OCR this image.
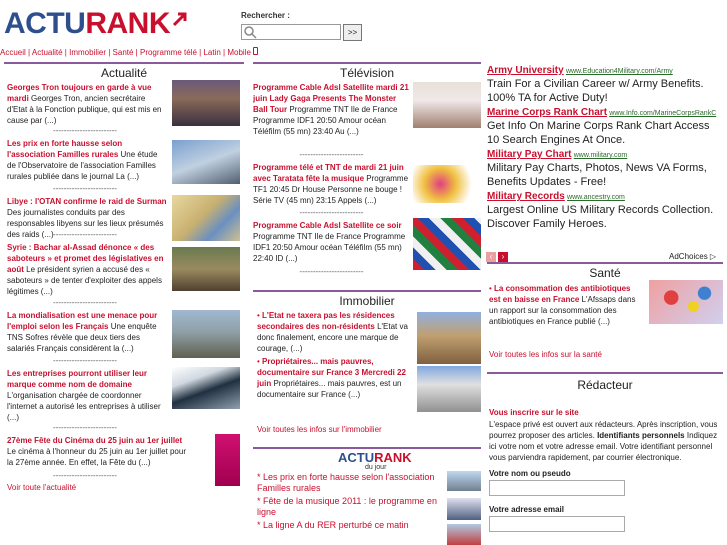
ACTURANK	Rechercher :
>>
Accueil | Actualité | Immobilier | Santé | Programme télé | Latin | Mobile
Actualité
Georges Tron toujours en garde à vue mardi Georges Tron, ancien secrétaire d'Etat à la Fonction publique, qui est mis en cause par (...)
------------------------
Les prix en forte hausse selon l'association Familles rurales Une étude de l'Observatoire de l'association Familles rurales publiée dans le journal La (...)
------------------------
Libye : l'OTAN confirme le raid de Surman Des journalistes conduits par des responsables libyens sur les lieux présumés des raids (...) ------------------------
Syrie : Bachar al-Assad dénonce « des saboteurs » et promet des législatives en août Le président syrien a accusé des « saboteurs » de tenter d'exploiter des appels légitimes (...)
------------------------
La mondialisation est une menace pour l'emploi selon les Français Une enquête TNS Sofres révèle que deux tiers des salariés Français considèrent la (...)
------------------------
Les entreprises pourront utiliser leur marque comme nom de domaine L'organisation chargée de coordonner l'internet a autorisé les entreprises à utiliser (...)
------------------------
27ème Fête du Cinéma du 25 juin au 1er juillet Le cinéma à l'honneur du 25 juin au 1er juillet pour la 27ème année. En effet, la Fête du (...)
------------------------
Voir toute l'actualité
Télévision
Programme Cable Adsl Satellite mardi 21 juin Lady Gaga Presents The Monster Ball Tour Programme TNT Ile de France Programme IDF1 20:50 Amour océan Téléfilm (55 mn) 23:40 Au (...)
------------------------
Programme télé et TNT de mardi 21 juin avec Taratata fête la musique Programme TF1 20:45 Dr House Personne ne bouge ! Série TV (45 mn) 23:15 Appels (...)
------------------------
Programme Cable Adsl Satellite ce soir Programme TNT Ile de France Programme IDF1 20:50 Amour océan Téléfilm (55 mn) 22:40 ID (...)
------------------------
Immobilier
• L'Etat ne taxera pas les résidences secondaires des non-résidents L'Etat va donc finalement, encore une marque de courage, (...)
• Propriétaires... mais pauvres, documentaire sur France 3 Mercredi 22 juin Propriétaires... mais pauvres, est un documentaire sur France (...)
Voir toutes les infos sur l'immobilier
ACTURANK
du jour
* Les prix en forte hausse selon l'association Familles rurales
* Fête de la musique 2011 : le programme en ligne
* La ligne A du RER perturbé ce matin
Army University www.Education4Military.com/Army
Train For a Civilian Career w/ Army Benefits. 100% TA for Active Duty!
Marine Corps Rank Chart www.Info.com/MarineCorpsRankC
Get Info On Marine Corps Rank Chart Access 10 Search Engines At Once.
Military Pay Chart www.military.com
Military Pay Charts, Photos, News VA Forms, Benefits Updates - Free!
Military Records www.ancestry.com
Largest Online US Military Records Collection. Discover Family Heroes.
‹	›	AdChoices ▷
Santé
• La consommation des antibiotiques est en baisse en France L'Afssaps dans un rapport sur la consommation des antibiotiques en France publié (...)
Voir toutes les infos sur la santé
Rédacteur
Vous inscrire sur le site
L'espace privé est ouvert aux rédacteurs. Après inscription, vous pourrez proposer des articles. Identifiants personnels Indiquez ici votre nom et votre adresse email. Votre identifiant personnel vous parviendra rapidement, par courrier électronique.
Votre nom ou pseudo
Votre adresse email
